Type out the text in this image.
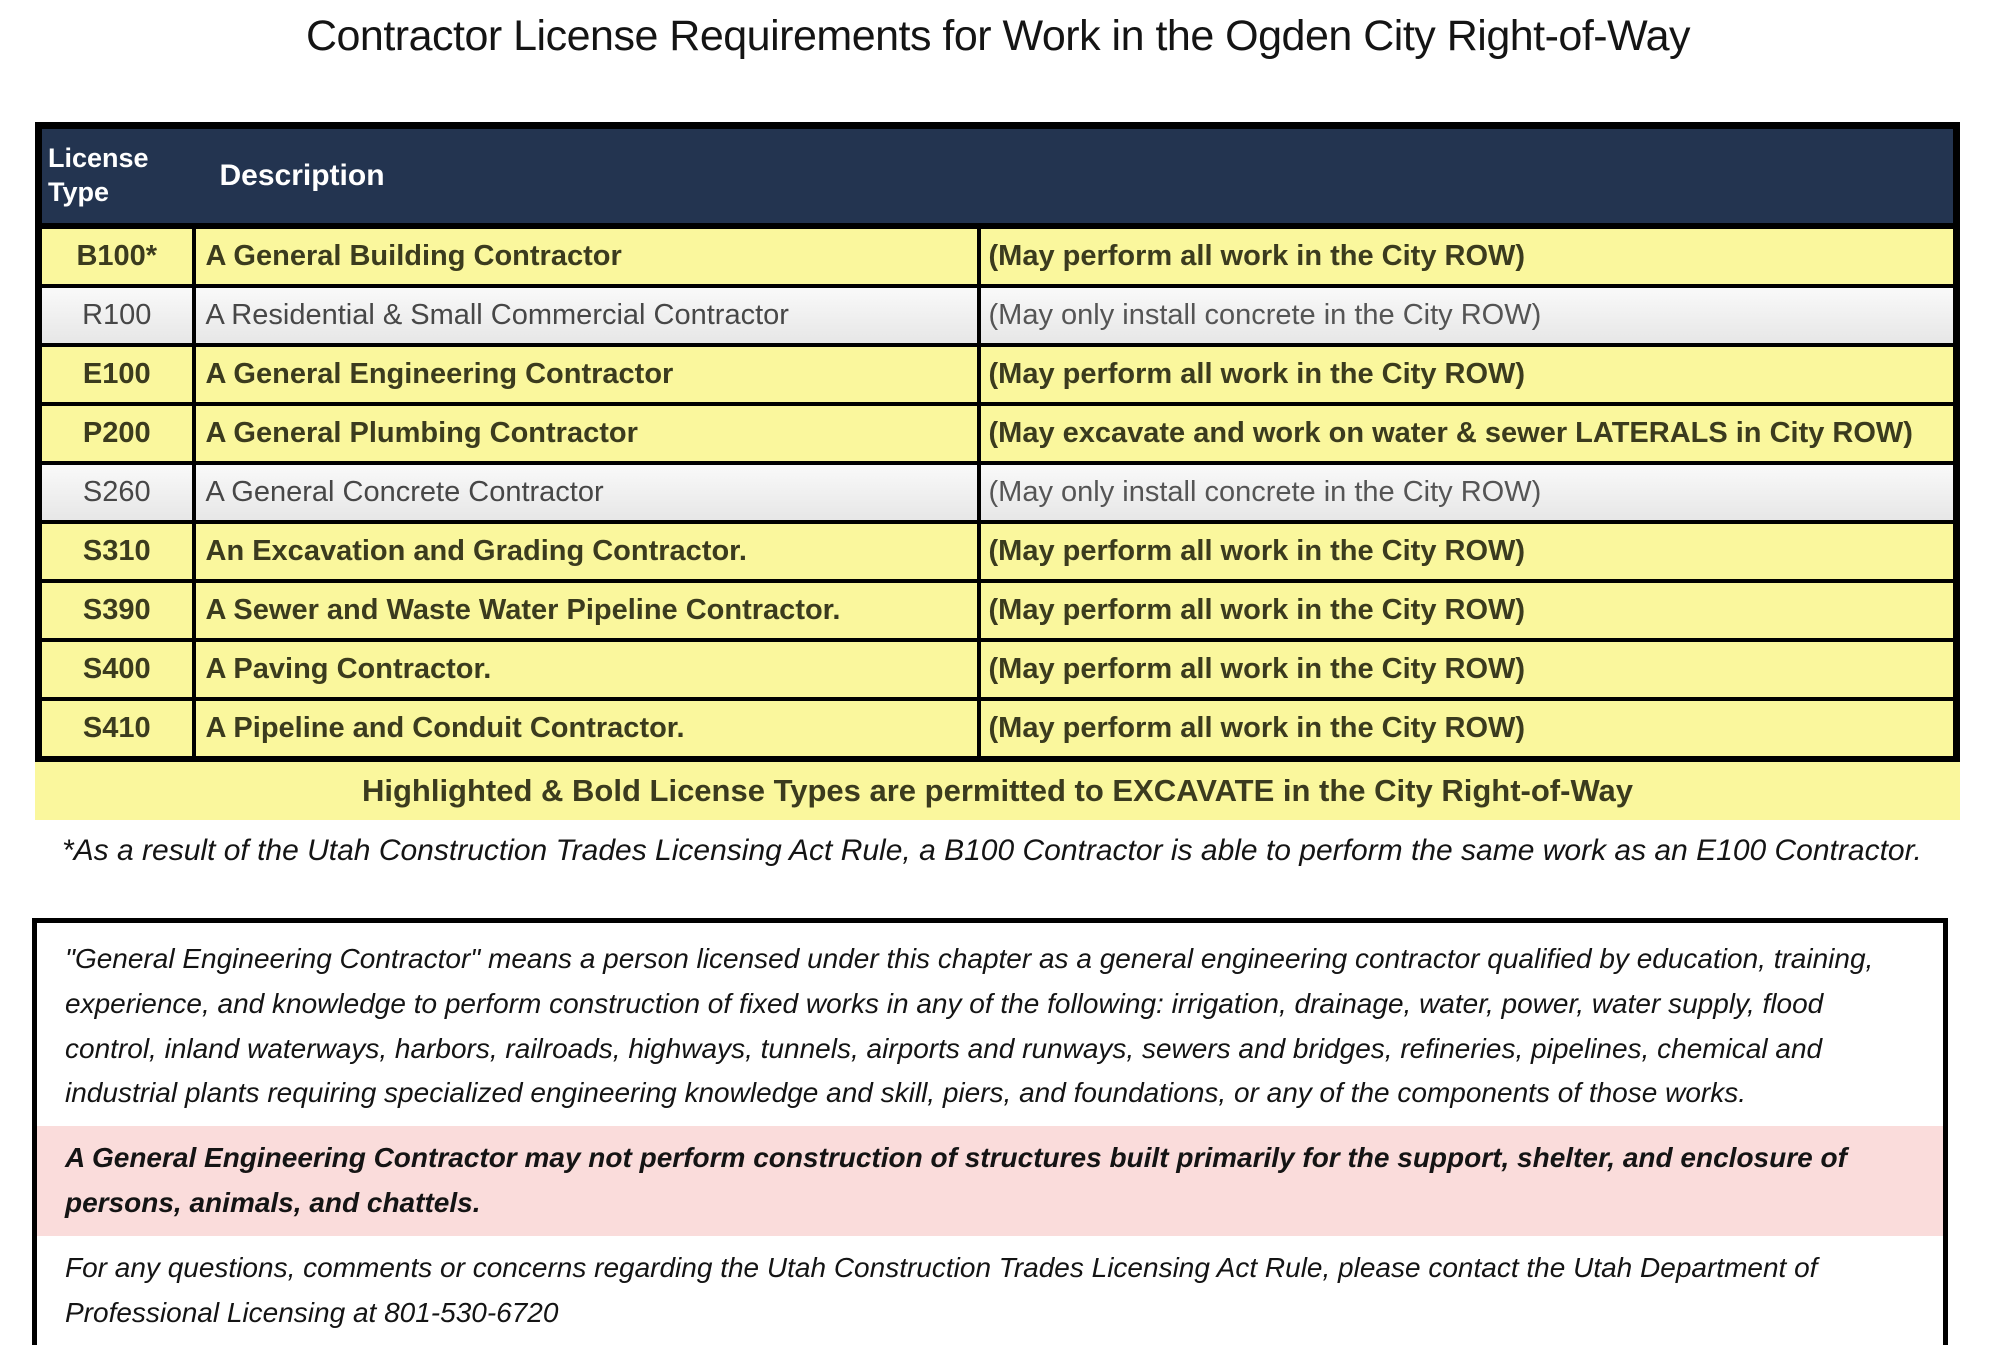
Contractor License Requirements for Work in the Ogden City Right-of-Way
License Type	Description	
B100*	A General Building Contractor	(May perform all work in the City ROW)
R100	A Residential & Small Commercial Contractor	(May only install concrete in the City ROW)
E100	A General Engineering Contractor	(May perform all work in the City ROW)
P200	A General Plumbing Contractor	(May excavate and work on water & sewer LATERALS in City ROW)
S260	A General Concrete Contractor	(May only install concrete in the City ROW)
S310	An Excavation and Grading Contractor.	(May perform all work in the City ROW)
S390	A Sewer and Waste Water Pipeline Contractor.	(May perform all work in the City ROW)
S400	A Paving Contractor.	(May perform all work in the City ROW)
S410	A Pipeline and Conduit Contractor.	(May perform all work in the City ROW)
Highlighted & Bold License Types are permitted to EXCAVATE in the City Right-of-Way
*As a result of the Utah Construction Trades Licensing Act Rule, a B100 Contractor is able to perform the same work as an E100 Contractor.

"General Engineering Contractor" means a person licensed under this chapter as a general engineering contractor qualified by education, training, experience, and knowledge to perform construction of fixed works in any of the following: irrigation, drainage, water, power, water supply, flood control, inland waterways, harbors, railroads, highways, tunnels, airports and runways, sewers and bridges, refineries, pipelines, chemical and industrial plants requiring specialized engineering knowledge and skill, piers, and foundations, or any of the components of those works.

A General Engineering Contractor may not perform construction of structures built primarily for the support, shelter, and enclosure of persons, animals, and chattels.

For any questions, comments or concerns regarding the Utah Construction Trades Licensing Act Rule, please contact the Utah Department of Professional Licensing at 801-530-6720
